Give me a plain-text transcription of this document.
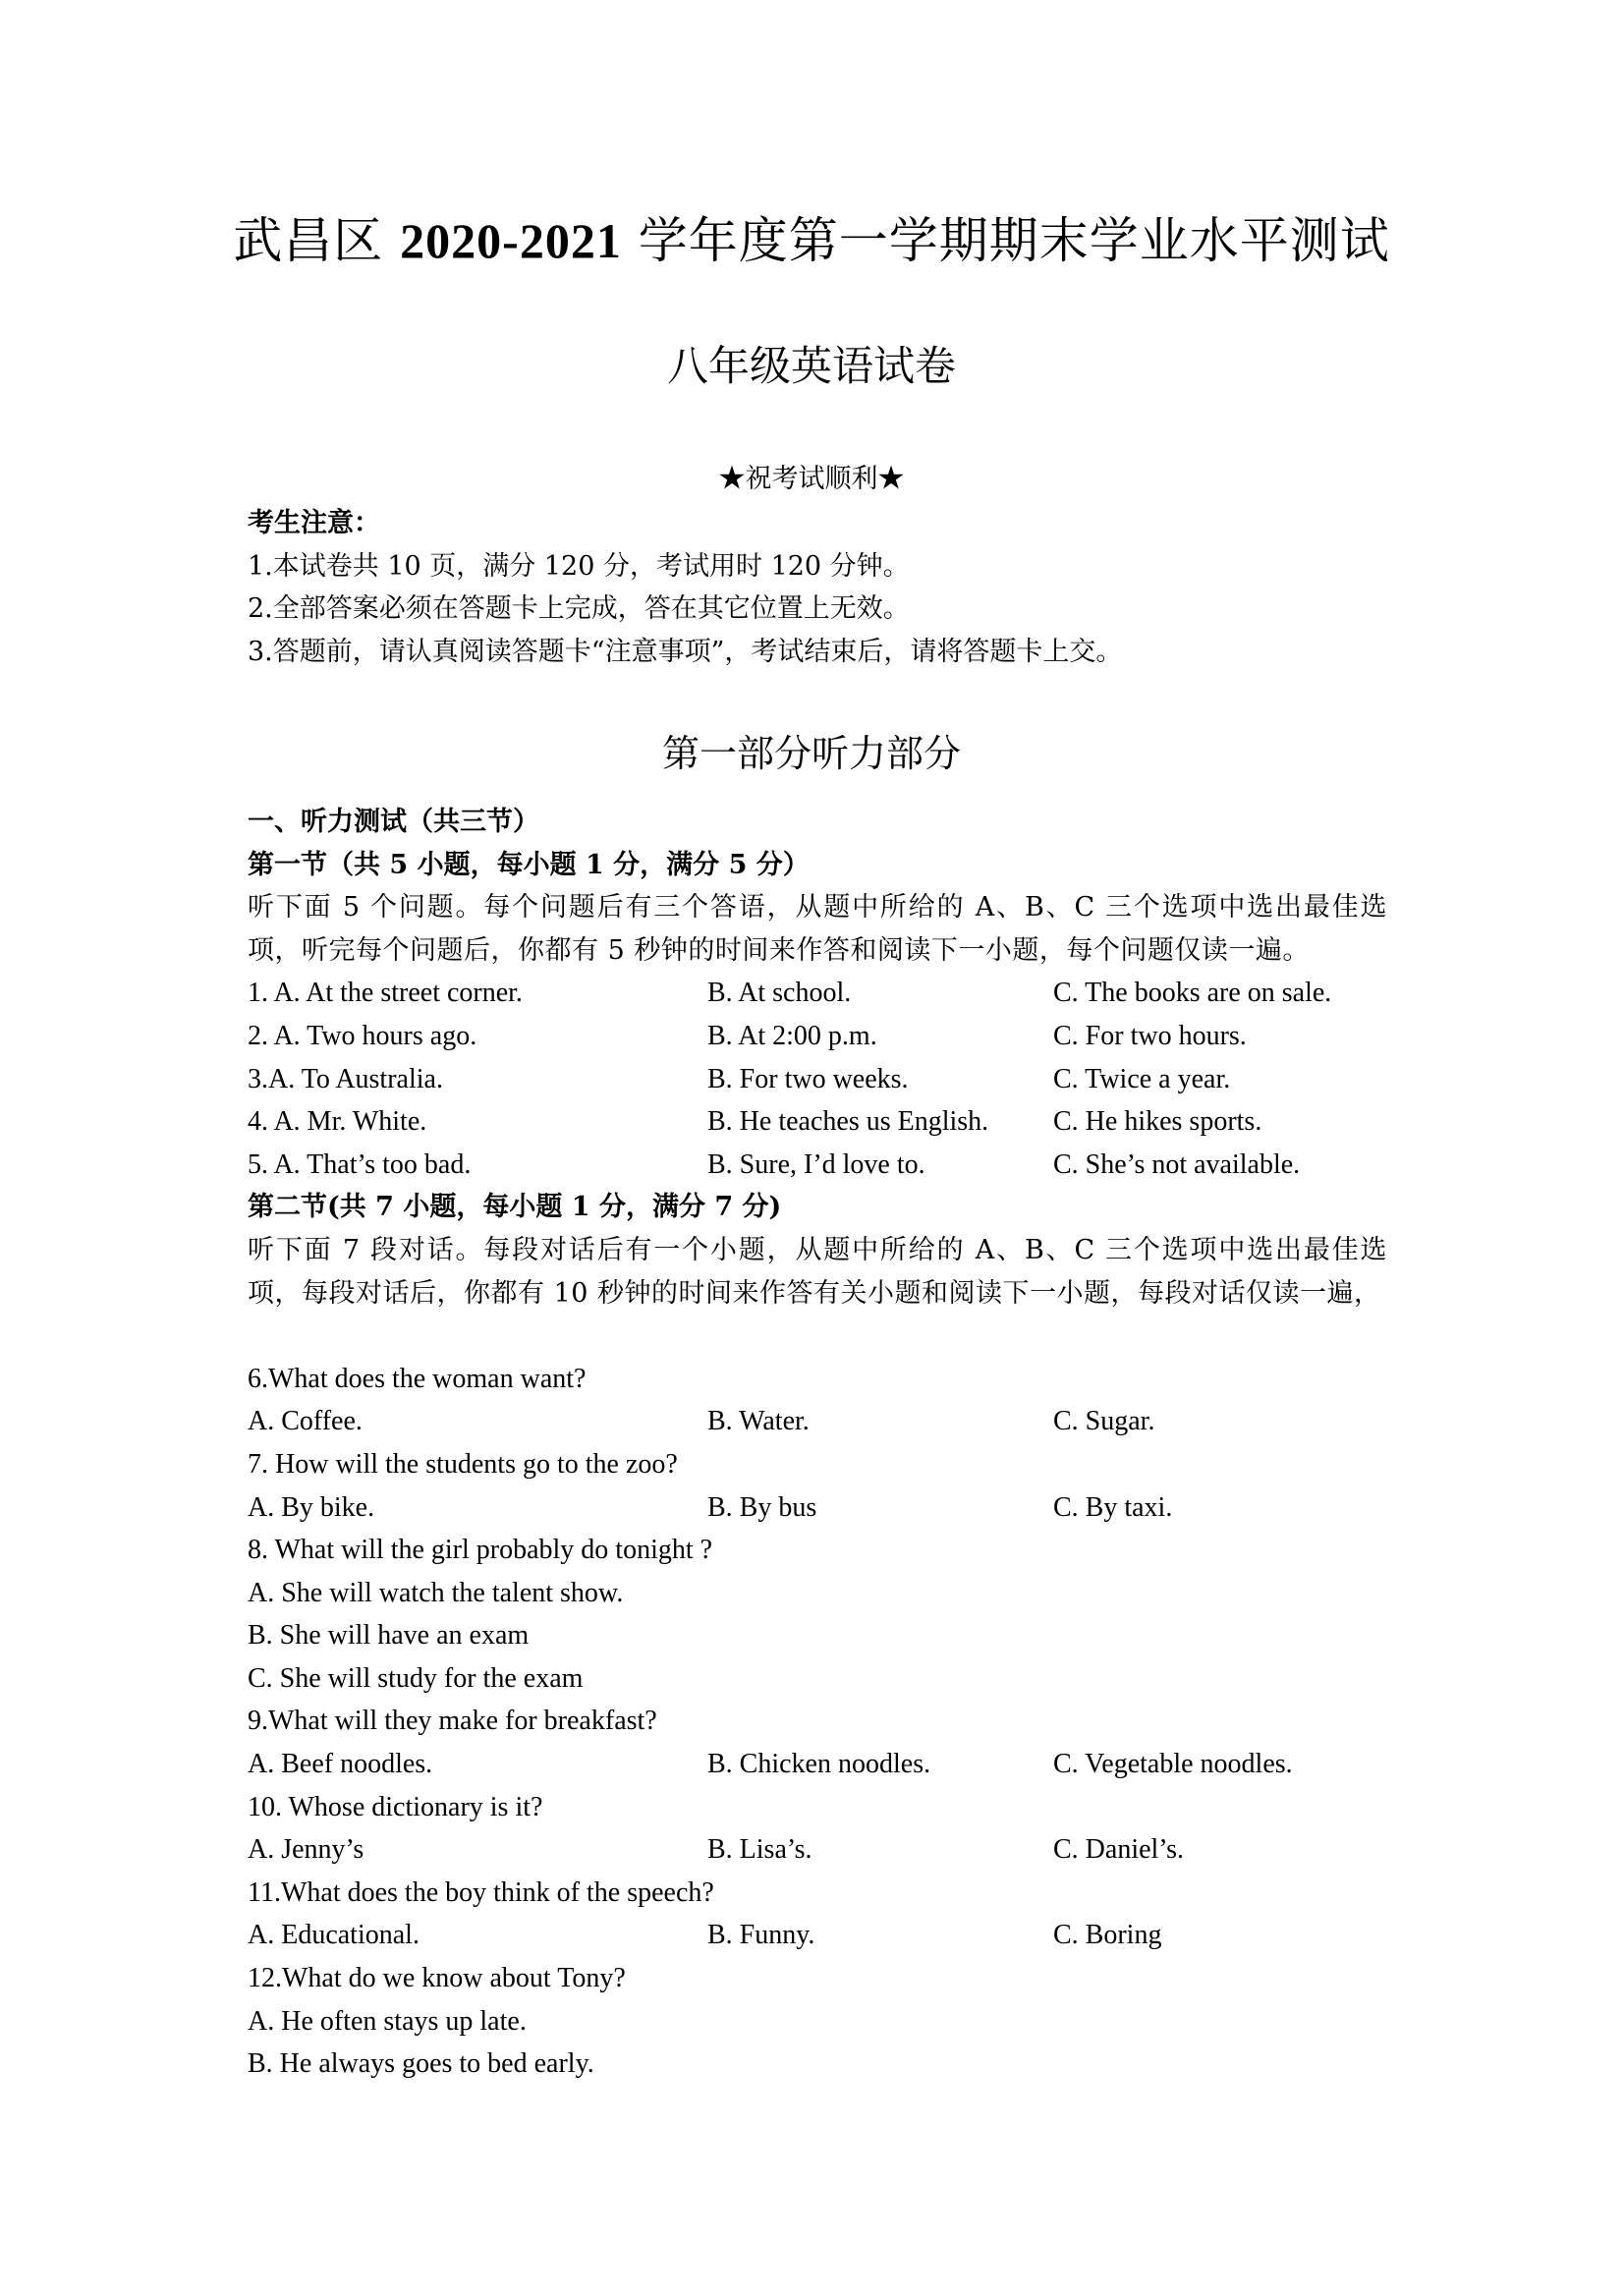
武昌区 2020-2021 学年度第一学期期末学业水平测试
八年级英语试卷
★祝考试顺利★
考生注意：
1.本试卷共 10 页，满分 120 分，考试用时 120 分钟。
2.全部答案必须在答题卡上完成，答在其它位置上无效。
3.答题前，请认真阅读答题卡“注意事项”，考试结束后，请将答题卡上交。
第一部分听力部分
一、听力测试（共三节）
第一节（共 5 小题，每小题 1 分，满分 5 分）
听下面 5 个问题。每个问题后有三个答语，从题中所给的 A、B、C 三个选项中选出最佳选项，听完每个问题后，你都有 5 秒钟的时间来作答和阅读下一小题，每个问题仅读一遍。
1. A. At the street corner.	B. At school.	C. The books are on sale.
2. A. Two hours ago.	B. At 2:00 p.m.	C. For two hours.
3.A. To Australia.	B. For two weeks.	C. Twice a year.
4. A. Mr. White.	B. He teaches us English. C. He hikes sports.
5. A. That’s too bad.	B. Sure, I’d love to.	C. She’s not available.
第二节(共 7 小题，每小题 1 分，满分 7 分)
听下面 7 段对话。每段对话后有一个小题，从题中所给的 A、B、C 三个选项中选出最佳选项，每段对话后，你都有 10 秒钟的时间来作答有关小题和阅读下一小题，每段对话仅读一遍，
6.What does the woman want?
A. Coffee.	B. Water.	C. Sugar.
7. How will the students go to the zoo?
A. By bike.	B. By bus	C. By taxi.
8. What will the girl probably do tonight ?
A. She will watch the talent show.
B. She will have an exam
C. She will study for the exam
9.What will they make for breakfast?
A. Beef noodles.	B. Chicken noodles.	C. Vegetable noodles.
10. Whose dictionary is it?
A. Jenny’s	B. Lisa’s.	C. Daniel’s.
11.What does the boy think of the speech?
A. Educational.	B. Funny.	C. Boring
12.What do we know about Tony?
A. He often stays up late.
B. He always goes to bed early.
